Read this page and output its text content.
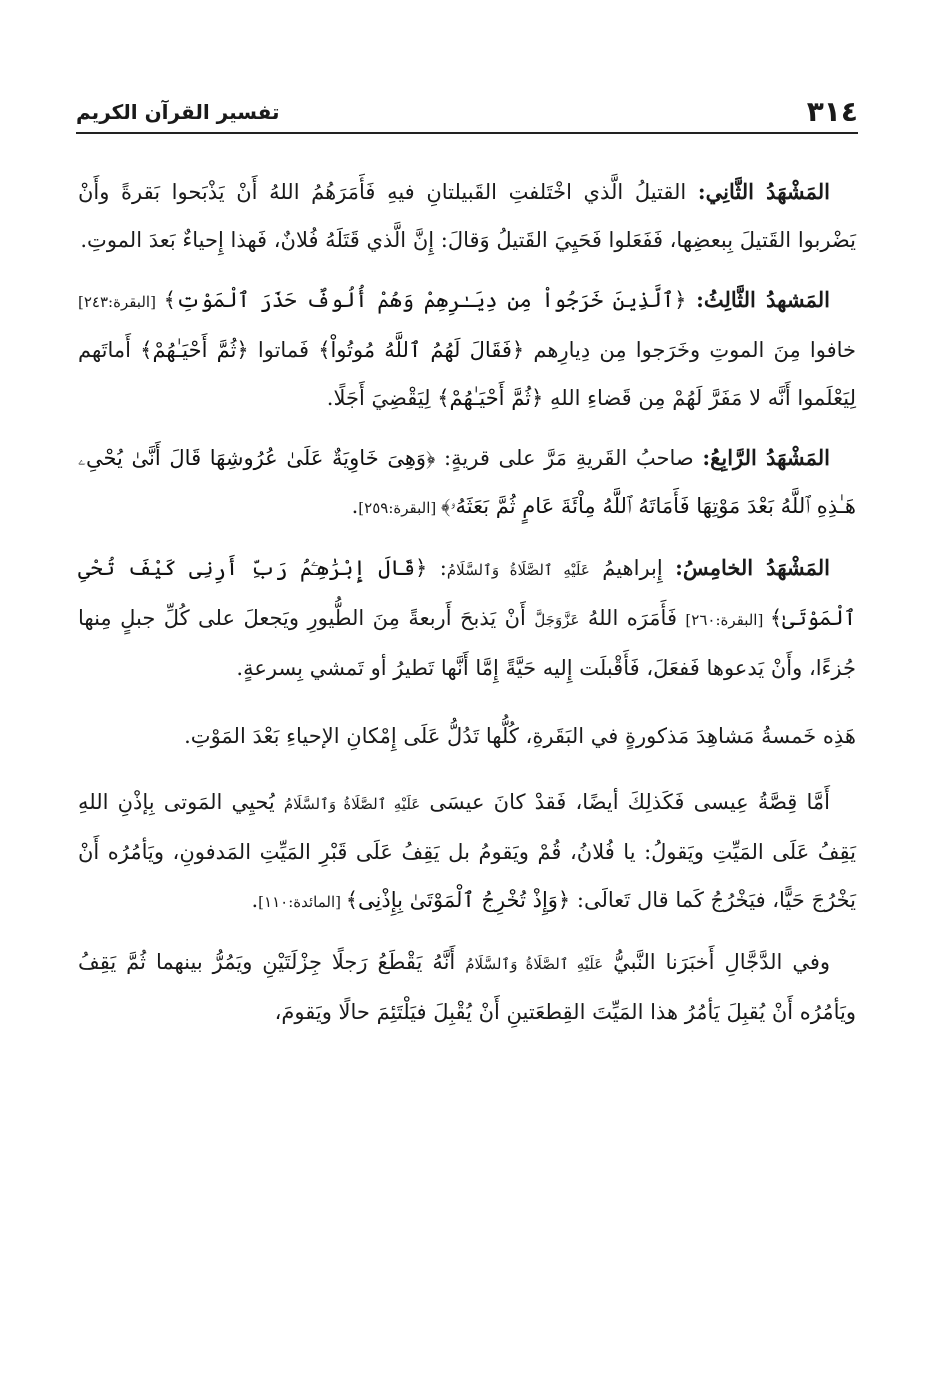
٣١٤
تفسير القرآن الكريم

المَشْهَدُ الثَّانِي: القتيلُ الَّذي اخْتَلفتِ القَبيلتانِ فيهِ فَأَمَرَهُمُ اللهُ أَنْ يَذْبَحوا بَقرةً وأَنْ يَضْربوا القَتيلَ بِبعضِها، فَفَعَلوا فَحَيِيَ القَتيلُ وَقالَ: إِنَّ الَّذي قَتَلَهُ فُلانٌ، فَهذا إِحياءٌ بَعدَ الموتِ.

المَشهدُ الثَّالِثُ: ﴿ٱلَّذِينَ خَرَجُواْ مِن دِيَـٰرِهِمْ وَهُمْ أُلُوفٌ حَذَرَ ٱلْمَوْتِ﴾ [البقرة:٢٤٣] خافوا مِنَ الموتِ وخَرَجوا مِن دِيارِهم ﴿فَقَالَ لَهُمُ ٱللَّهُ مُوتُواْ﴾ فَماتوا ﴿ثُمَّ أَحْيَـٰهُمْ﴾ أَماتَهم لِيَعْلَموا أَنَّه لا مَفَرَّ لَهُمْ مِن قَضاءِ اللهِ ﴿ثُمَّ أَحْيَـٰهُمْ﴾ لِيَقْضِيَ أَجَلًا.

المَشْهَدُ الرَّابِعُ: صاحبُ القَريةِ مَرَّ على قريةٍ: ﴿وَهِىَ خَاوِيَةٌ عَلَىٰ عُرُوشِهَا قَالَ أَنَّىٰ يُحْىِۦ هَـٰذِهِ ٱللَّهُ بَعْدَ مَوْتِهَا فَأَمَاتَهُ ٱللَّهُ مِاْئَةَ عَامٍ ثُمَّ بَعَثَهُۥ﴾ [البقرة:٢٥٩].

المَشْهَدُ الخامِسُ: إِبراهيمُ عَلَيْهِ ٱلصَّلَاةُ وَٱلسَّلَامُ: ﴿قَالَ إِبْرَٰهِـۧمُ رَبِّ أَرِنِى كَيْفَ تُحْىِ ٱلْمَوْتَىٰ﴾ [البقرة:٢٦٠] فَأَمَرَه اللهُ عَزَّوَجَلَّ أَنْ يَذبحَ أَربعةً مِنَ الطُّيورِ ويَجعلَ على كُلِّ جبلٍ مِنها جُزءًا، وأَنْ يَدعوها فَفعَلَ، فَأَقْبلَت إِليه حَيَّةً إِمَّا أَنَّها تَطيرُ أو تَمشي بِسرعةٍ.

هَذِه خَمسةُ مَشاهِدَ مَذكورةٍ في البَقَرةِ، كُلُّها تَدُلُّ عَلَى إِمْكانِ الإحياءِ بَعْدَ المَوْتِ.

أَمَّا قِصَّةُ عِيسى فَكَذلِكَ أيضًا، فَقدْ كانَ عيسَى عَلَيْهِ ٱلصَّلَاةُ وَٱلسَّلَامُ يُحيِي المَوتى بِإذْنِ اللهِ يَقِفُ عَلَى المَيِّتِ ويَقولُ: يا فُلانُ، قُمْ ويَقومُ بل يَقِفُ عَلَى قَبْرِ المَيِّتِ المَدفونِ، ويَأمُرُه أَنْ يَخْرُجَ حَيًّا، فيَخْرُجُ كَما قال تَعالَى: ﴿وَإِذْ تُخْرِجُ ٱلْمَوْتَىٰ بِإِذْنِى﴾ [المائدة:١١٠].

وفي الدَّجَّالِ أَخبَرَنا النَّبيُّ عَلَيْهِ ٱلصَّلَاةُ وَٱلسَّلَامُ أَنَّهُ يَقْطَعُ رَجلًا جِزْلَتَيْنِ ويَمُرُّ بينهما ثُمَّ يَقِفُ ويَأمُرُه أَنْ يُقبِلَ يَأمُرُ هذا المَيِّتَ القِطعَتينِ أَنْ يُقْبِلَ فيَلْتَئِمَ حالًا ويَقومَ،
